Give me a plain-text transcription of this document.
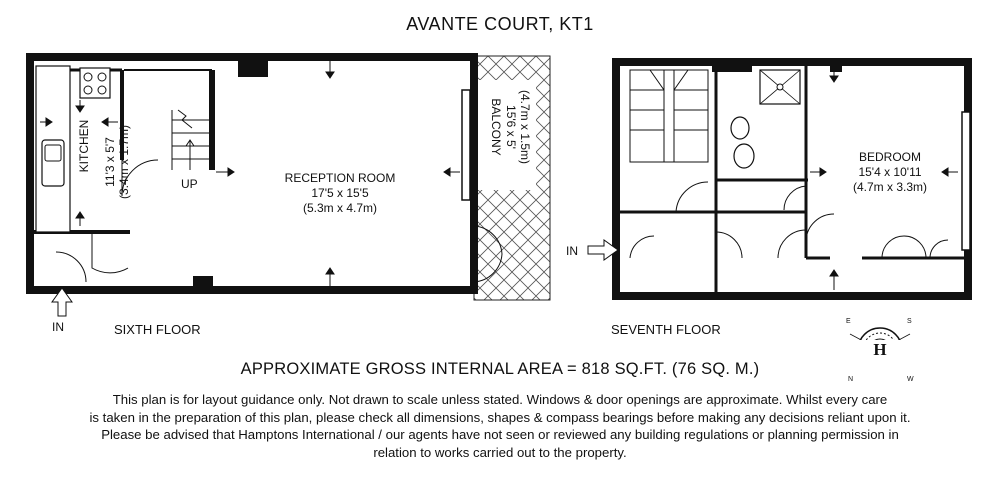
AVANTE COURT, KT1
H
E	S
N	W
KITCHEN 11'3 x 5'7 (3.4m x 1.7m)	RECEPTION ROOM
17'5 x 15'5
(5.3m x 4.7m)
BALCONY 15'6 x 5' (4.7m x 1.5m)
UP
IN	SIXTH FLOOR
BEDROOM
15'4 x 10'11
(4.7m x 3.3m)
IN
SEVENTH FLOOR
APPROXIMATE GROSS INTERNAL AREA = 818 SQ.FT. (76 SQ. M.)
This plan is for layout guidance only. Not drawn to scale unless stated. Windows & door openings are approximate. Whilst every care
is taken in the preparation of this plan, please check all dimensions, shapes & compass bearings before making any decisions reliant upon it.
Please be advised that Hamptons International / our agents have not seen or reviewed any building regulations or planning permission in
relation to works carried out to the property.
